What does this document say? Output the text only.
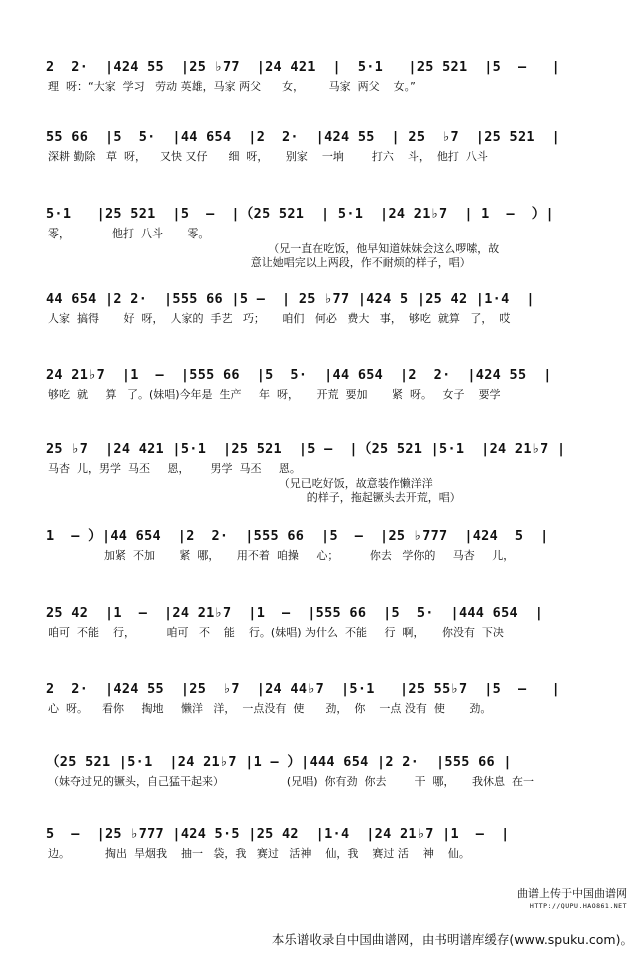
2  2·  |424 55  |25 ♭77  |24 421  |  5·1   |25 521  |5  –   |
理  呀：“大家  学习   劳动 英雄，马家 两父      女，       马家  两父    女。”
55 66  |5  5·  |44 654  |2  2·  |424 55  | 25  ♭7  |25 521  |
深耕 勤除   草  呀，    又快 又仔      细  呀，     别家    一垧        打六    斗，  他打  八斗
5·1   |25 521  |5  –  |（25 521  | 5·1  |24 21♭7  | 1  –  ）|
零，            他打  八斗       零。
（兄一直在吃饭，他早知道妹妹会这么啰嗦，故
意让她唱完以上两段，作不耐烦的样子，唱）
44 654 |2 2·  |555 66 |5 –  | 25 ♭77 |424 5 |25 42 |1·4  |
人家  搞得       好  呀，  人家的  手艺   巧；     咱们   何必   费大   事，  够吃  就算   了，  哎
24 21♭7  |1  –  |555 66  |5  5·  |44 654  |2  2·  |424 55  |
够吃  就     算   了。(妹唱)今年是  生产     年  呀，     开荒  要加       紧  呀。   女子    要学
25 ♭7  |24 421 |5·1  |25 521  |5 –  |（25 521 |5·1  |24 21♭7 |
马杏  儿，男学  马丕     恩，      男学  马丕     恩。
（兄已吃好饭，故意装作懒洋洋
的样子，拖起镢头去开荒，唱）
1  – ）|44 654  |2  2·  |555 66  |5  –  |25 ♭777  |424  5  |
加紧  不加       紧  哪，     用不着  咱操     心；         你去   学你的     马杏     儿，
25 42  |1  –  |24 21♭7  |1  –  |555 66  |5  5·  |444 654  |
咱可  不能    行，         咱可   不    能    行。(妹唱) 为什么  不能     行  啊，     你没有  下决
2  2·  |424 55  |25  ♭7  |24 44♭7  |5·1   |25 55♭7  |5  –   |
心  呀。    看你     掏地     懒洋   洋，  一点没有  使      劲，  你    一点 没有  使       劲。
（25 521 |5·1  |24 21♭7 |1 – ）|444 654 |2 2·  |555 66 |
（妹夺过兄的镢头，自己猛干起来）                  (兄唱)  你有劲  你去        干  哪，     我休息  在一
5  –  |25 ♭777 |424 5·5 |25 42  |1·4  |24 21♭7 |1  –  |
边。          掏出  旱烟我    抽一   袋，我   赛过   活神    仙，我    赛过 活    神    仙。
曲谱上传于中国曲谱网
HTTP://QUPU.HAO861.NET
本乐谱收录自中国曲谱网，由书明谱库缓存(www.spuku.com)。
